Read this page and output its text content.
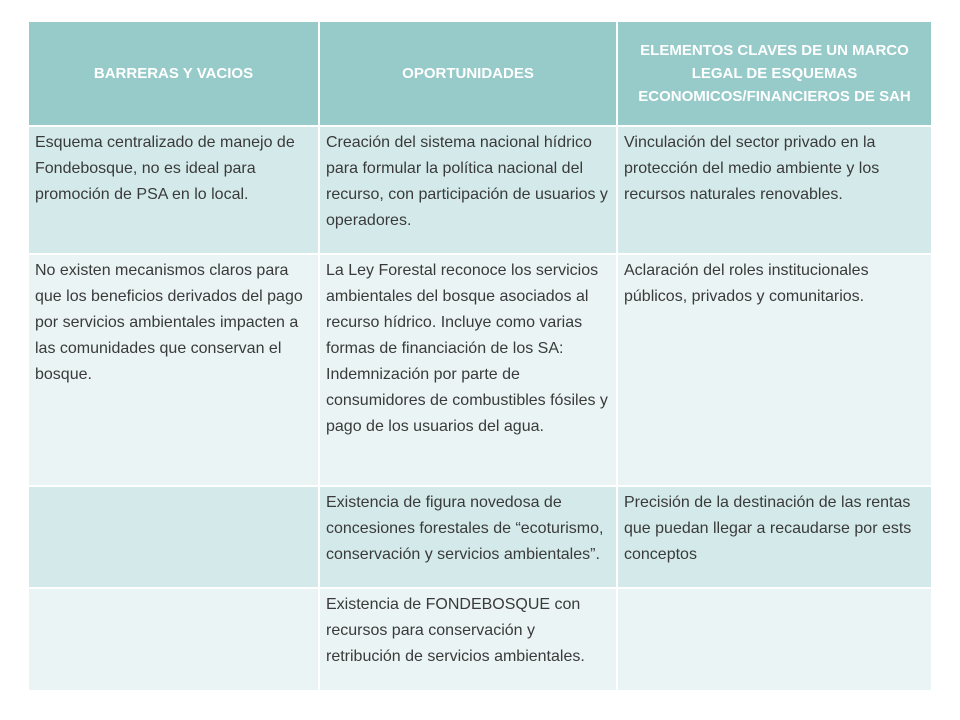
BARRERAS Y VACIOS	OPORTUNIDADES	ELEMENTOS CLAVES DE UN MARCO LEGAL DE ESQUEMAS ECONOMICOS/FINANCIEROS DE SAH
Esquema centralizado de manejo de Fondebosque, no es ideal para promoción de PSA en lo local.	Creación del sistema nacional hídrico para formular la política nacional del recurso, con participación de usuarios y operadores.	Vinculación del sector privado en la protección del medio ambiente y los recursos naturales renovables.
No existen mecanismos claros para que los beneficios derivados del pago por servicios ambientales impacten a las comunidades que conservan el bosque.	La Ley Forestal reconoce los servicios ambientales del bosque asociados al recurso hídrico. Incluye como varias formas de financiación de los SA: Indemnización por parte de consumidores de combustibles fósiles y pago de los usuarios del agua.	Aclaración del roles institucionales públicos, privados y comunitarios.
	Existencia de figura novedosa de concesiones forestales de “ecoturismo, conservación y servicios ambientales”.	Precisión de la destinación de las rentas que puedan llegar a recaudarse por ests conceptos
	Existencia de FONDEBOSQUE con recursos para conservación y retribución de servicios ambientales.	
